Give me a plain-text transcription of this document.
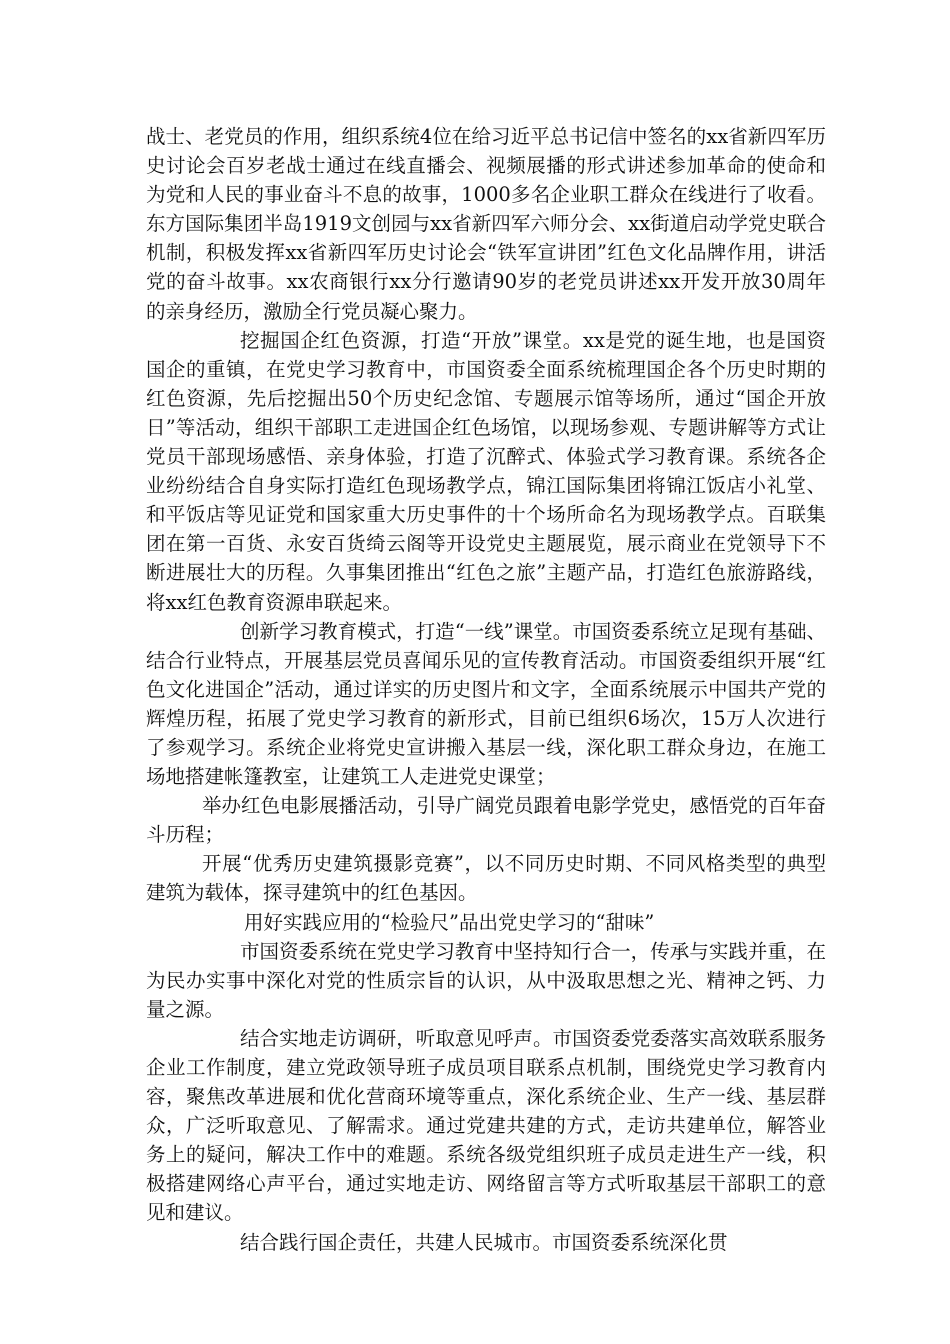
战士、老党员的作用，组织系统4位在给习近平总书记信中签名的xx省新四军历史讨论会百岁老战士通过在线直播会、视频展播的形式讲述参加革命的使命和为党和人民的事业奋斗不息的故事，1000多名企业职工群众在线进行了收看。东方国际集团半岛1919文创园与xx省新四军六师分会、xx街道启动学党史联合机制，积极发挥xx省新四军历史讨论会“铁军宣讲团”红色文化品牌作用，讲活党的奋斗故事。xx农商银行xx分行邀请90岁的老党员讲述xx开发开放30周年的亲身经历，激励全行党员凝心聚力。

挖掘国企红色资源，打造“开放”课堂。xx是党的诞生地，也是国资国企的重镇，在党史学习教育中，市国资委全面系统梳理国企各个历史时期的红色资源，先后挖掘出50个历史纪念馆、专题展示馆等场所，通过“国企开放日”等活动，组织干部职工走进国企红色场馆，以现场参观、专题讲解等方式让党员干部现场感悟、亲身体验，打造了沉醉式、体验式学习教育课。系统各企业纷纷结合自身实际打造红色现场教学点，锦江国际集团将锦江饭店小礼堂、和平饭店等见证党和国家重大历史事件的十个场所命名为现场教学点。百联集团在第一百货、永安百货绮云阁等开设党史主题展览，展示商业在党领导下不断进展壮大的历程。久事集团推出“红色之旅”主题产品，打造红色旅游路线，将xx红色教育资源串联起来。

创新学习教育模式，打造“一线”课堂。市国资委系统立足现有基础、结合行业特点，开展基层党员喜闻乐见的宣传教育活动。市国资委组织开展“红色文化进国企”活动，通过详实的历史图片和文字，全面系统展示中国共产党的辉煌历程，拓展了党史学习教育的新形式，目前已组织6场次，15万人次进行了参观学习。系统企业将党史宣讲搬入基层一线，深化职工群众身边，在施工场地搭建帐篷教室，让建筑工人走进党史课堂；

举办红色电影展播活动，引导广阔党员跟着电影学党史，感悟党的百年奋斗历程；

开展“优秀历史建筑摄影竞赛”，以不同历史时期、不同风格类型的典型建筑为载体，探寻建筑中的红色基因。

用好实践应用的“检验尺”品出党史学习的“甜味”

市国资委系统在党史学习教育中坚持知行合一，传承与实践并重，在为民办实事中深化对党的性质宗旨的认识，从中汲取思想之光、精神之钙、力量之源。

结合实地走访调研，听取意见呼声。市国资委党委落实高效联系服务企业工作制度，建立党政领导班子成员项目联系点机制，围绕党史学习教育内容，聚焦改革进展和优化营商环境等重点，深化系统企业、生产一线、基层群众，广泛听取意见、了解需求。通过党建共建的方式，走访共建单位，解答业务上的疑问，解决工作中的难题。系统各级党组织班子成员走进生产一线，积极搭建网络心声平台，通过实地走访、网络留言等方式听取基层干部职工的意见和建议。

结合践行国企责任，共建人民城市。市国资委系统深化贯
